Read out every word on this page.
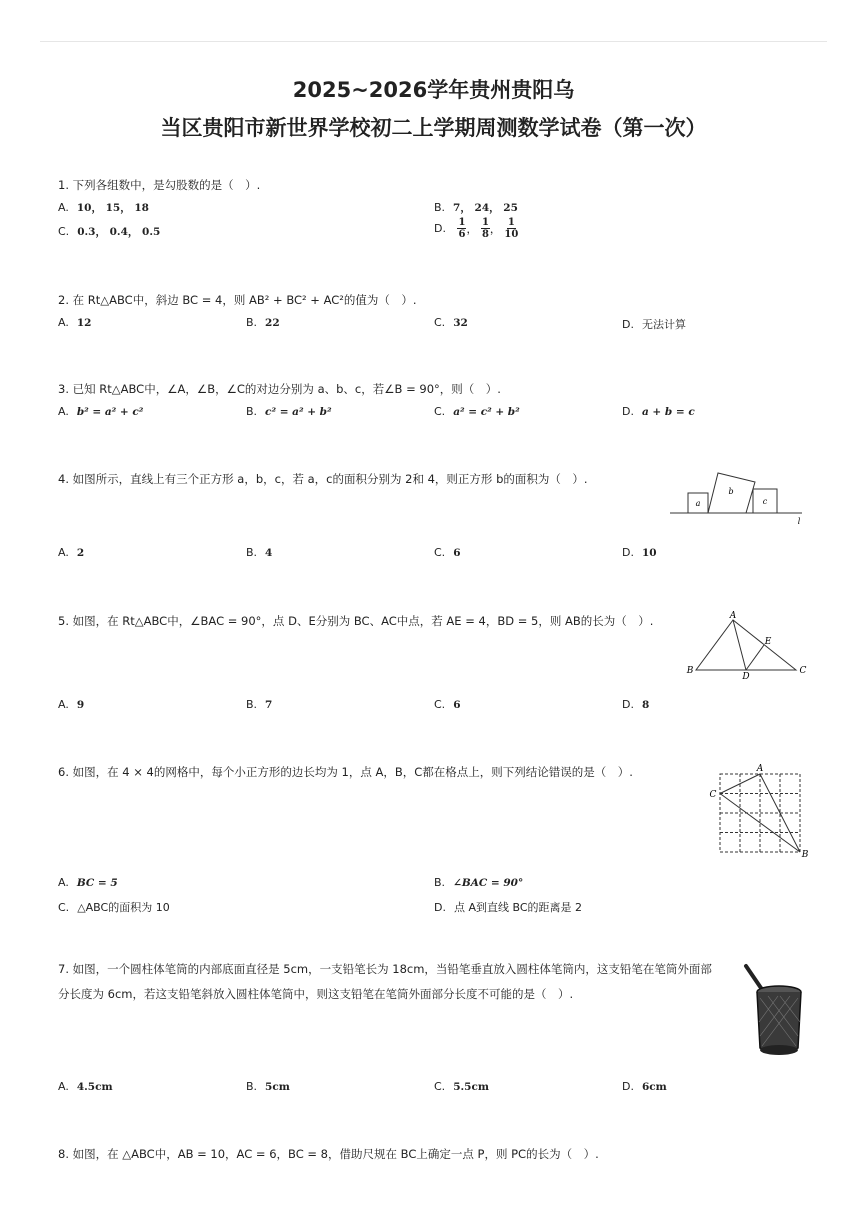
2025~2026学年贵州贵阳乌
当区贵阳市新世界学校初二上学期周测数学试卷（第一次）
1. 下列各组数中，是勾股数的是（　）.
A. 10， 15， 18	B. 7， 24， 25
C. 0.3， 0.4， 0.5	D. $\frac{1}{6}$ ， $\frac{1}{8}$ ， $\frac{1}{10}$
2. 在 Rt△ABC中，斜边 BC = 4，则 AB² + BC² + AC²的值为（　）.
A. 12	B. 22	C. 32	D. 无法计算
3. 已知 Rt△ABC中，∠A，∠B，∠C的对边分别为 a、b、c，若∠B = 90°，则（　）.
A. b² = a² + c²	B. c² = a² + b²	C. a² = c² + b²	D. a + b = c
4. 如图所示，直线上有三个正方形 a，b，c，若 a，c的面积分别为 2和 4，则正方形 b的面积为（　）.
a
b
c
l
A. 2	B. 4	C. 6	D. 10
5. 如图，在 Rt△ABC中，∠BAC = 90°，点 D、E分别为 BC、AC中点，若 AE = 4，BD = 5，则 AB的长为（　）.	A
E
B
D
C
A. 9	B. 7	C. 6	D. 8
6. 如图，在 4 × 4的网格中，每个小正方形的边长均为 1，点 A，B，C都在格点上，则下列结论错误的是（　）.	A
C
B
A. BC = 5	B. ∠BAC = 90°
C. △ABC的面积为 10	D. 点 A到直线 BC的距离是 2
7. 如图，一个圆柱体笔筒的内部底面直径是 5cm，一支铅笔长为 18cm，当铅笔垂直放入圆柱体笔筒内，这支铅笔在笔筒外面部分长度为 6cm，若这支铅笔斜放入圆柱体笔筒中，则这支铅笔在笔筒外面部分长度不可能的是（　）.
A. 4.5cm	B. 5cm	C. 5.5cm	D. 6cm
8. 如图，在 △ABC中，AB = 10，AC = 6，BC = 8，借助尺规在 BC上确定一点 P，则 PC的长为（　）.
